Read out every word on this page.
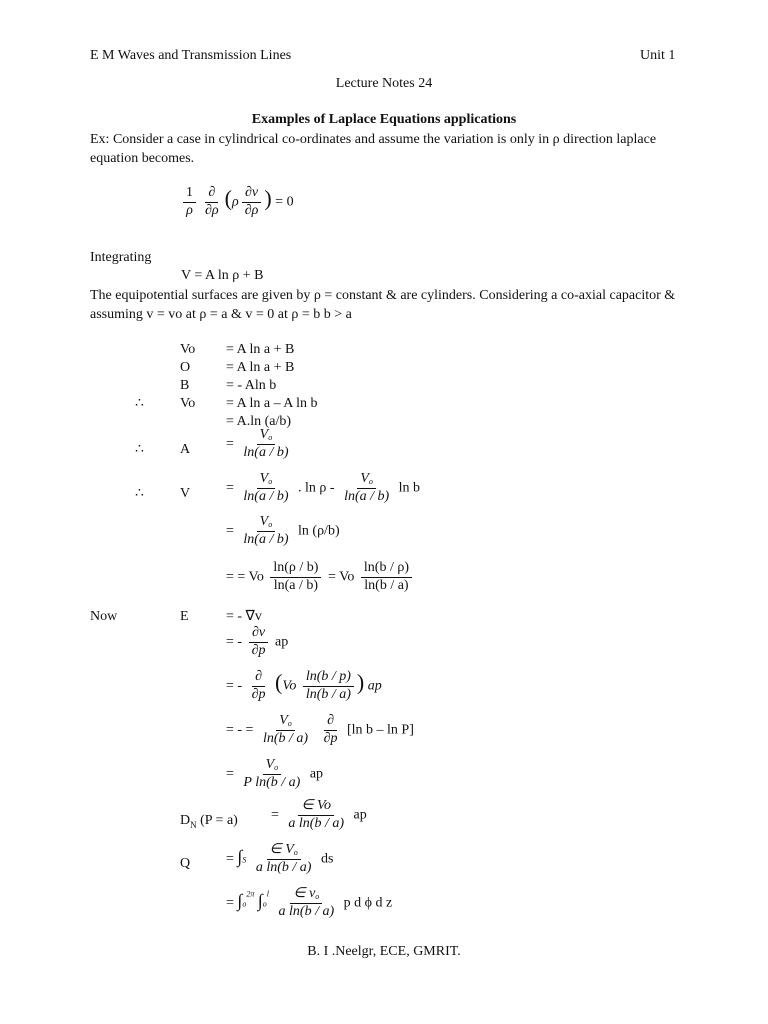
E M Waves and Transmission Lines	Unit 1
Lecture Notes 24
Examples of Laplace Equations applications
Ex: Consider a case in cylindrical co-ordinates and assume the variation is only in ρ direction laplace equation becomes.
$\frac{1}{\rho} \frac{\partial}{\partial\rho} (\rho \frac{\partial v}{\partial\rho}$ ) = 0
Integrating
V = A ln ρ + B
The equipotential surfaces are given by ρ = constant & are cylinders. Considering a co-axial capacitor & assuming v = vo at ρ = a & v = 0 at ρ = b b > a
Vo = A ln a + B
O	= A ln a + B
B	= - Aln b
∴	Vo = A ln a – A ln b
= A.ln (a/b)
∴	A	= $\frac{V_o}{\ln(a / b)}$
∴	V	= $\frac{V_o}{\ln(a / b)}$ . ln ρ - $\frac{V_o}{\ln(a / b)}$ ln b
= $\frac{V_o}{\ln(a / b)}$ ln (ρ/b)
= = Vo $\frac{\ln(\rho / b)}{\ln(a / b)} = Vo \frac{\ln(b / \rho)}{\ln(b / a)}$
Now	E	= - ∇v
= - $\frac{\partial v}{\partial p}$ ap
= - $\frac{\partial}{\partial p} (Vo \frac{\ln(b / p)}{\ln(b / a)}$ ) ap
= - = $\frac{V_o}{\ln(b / a)}$
$\frac{\partial}{\partial p} [\ln$ b – ln P]
= $\frac{V_o}{\text{P ln(b / a)}}$ ap
$D_N$ $(P = a) = \frac{\in Vo}{\text{a ln(b / a)}}$ ap
Q	= $\int S \frac{\in V_o}{\text{a ln(b / a)}}$ ds
= $\int o^{2\pi}$ $\int o^l \frac{\in v_o}{\text{a ln(b / a)}}$ p d ϕ d z
B. I .Neelgr, ECE, GMRIT.
